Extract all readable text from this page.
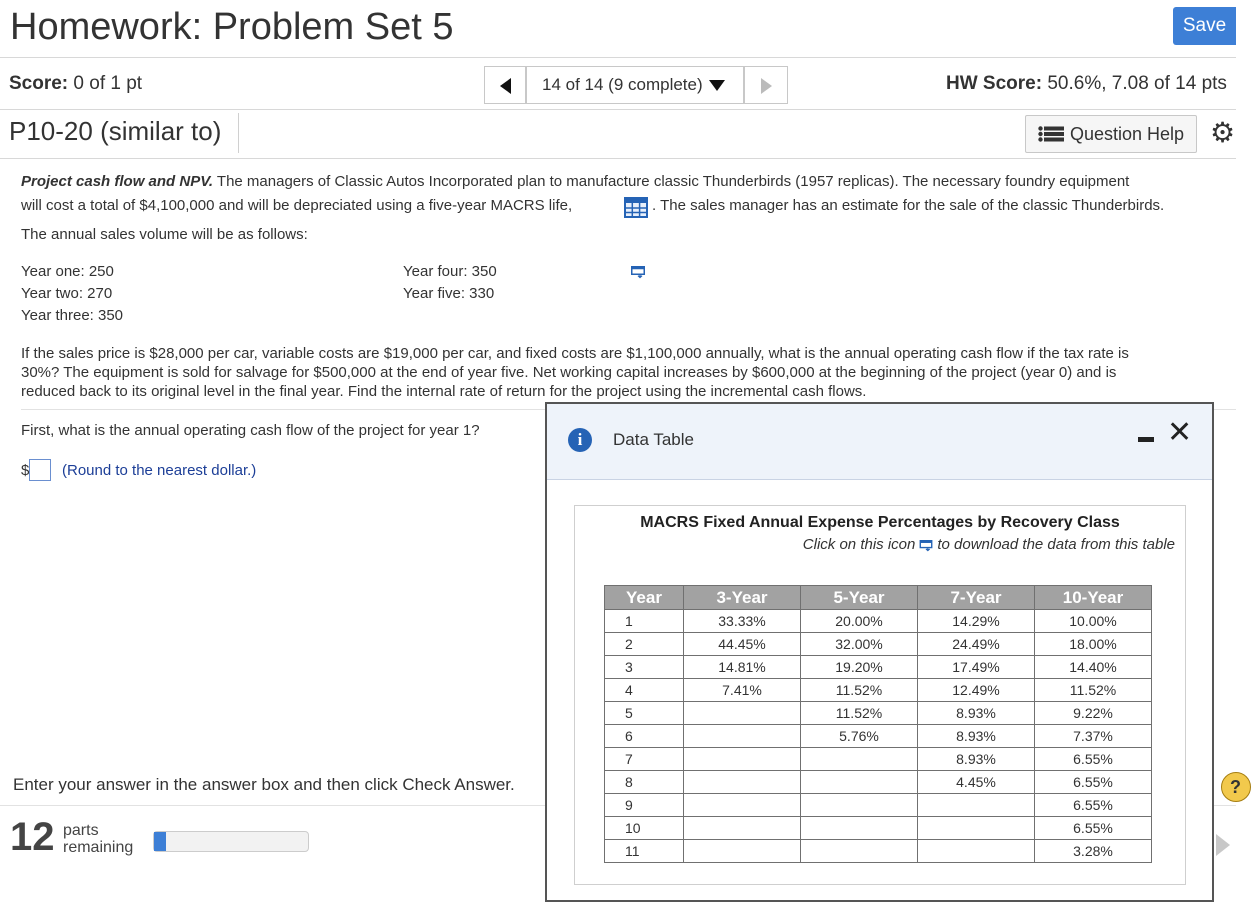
Homework: Problem Set 5	Save
Score: 0 of 1 pt	14 of 14 (9 complete)	HW Score: 50.6%, 7.08 of 14 pts
P10-20 (similar to)	Question Help ⚙
Project cash flow and NPV. The managers of Classic Autos Incorporated plan to manufacture classic Thunderbirds (1957 replicas). The necessary foundry equipment
will cost a total of $4,100,000 and will be depreciated using a five-year MACRS life,	. The sales manager has an estimate for the sale of the classic Thunderbirds.
The annual sales volume will be as follows:
Year one: 250
Year two: 270
Year three: 350
Year four: 350
Year five: 330
If the sales price is $28,000 per car, variable costs are $19,000 per car, and fixed costs are $1,100,000 annually, what is the annual operating cash flow if the tax rate is
30%? The equipment is sold for salvage for $500,000 at the end of year five. Net working capital increases by $600,000 at the beginning of the project (year 0) and is
reduced back to its original level in the final year. Find the internal rate of return for the project using the incremental cash flows.
First, what is the annual operating cash flow of the project for year 1?
$ (Round to the nearest dollar.)
Enter your answer in the answer box and then click Check Answer.
12 parts
remaining
?
i	Data Table	✕
MACRS Fixed Annual Expense Percentages by Recovery Class
Click on this icon to download the data from this table
Year	3-Year	5-Year	7-Year	10-Year
1	33.33%	20.00%	14.29%	10.00%
2	44.45%	32.00%	24.49%	18.00%
3	14.81%	19.20%	17.49%	14.40%
4	7.41%	11.52%	12.49%	11.52%
5		11.52%	8.93%	9.22%
6		5.76%	8.93%	7.37%
7			8.93%	6.55%
8			4.45%	6.55%
9				6.55%
10				6.55%
11				3.28%
